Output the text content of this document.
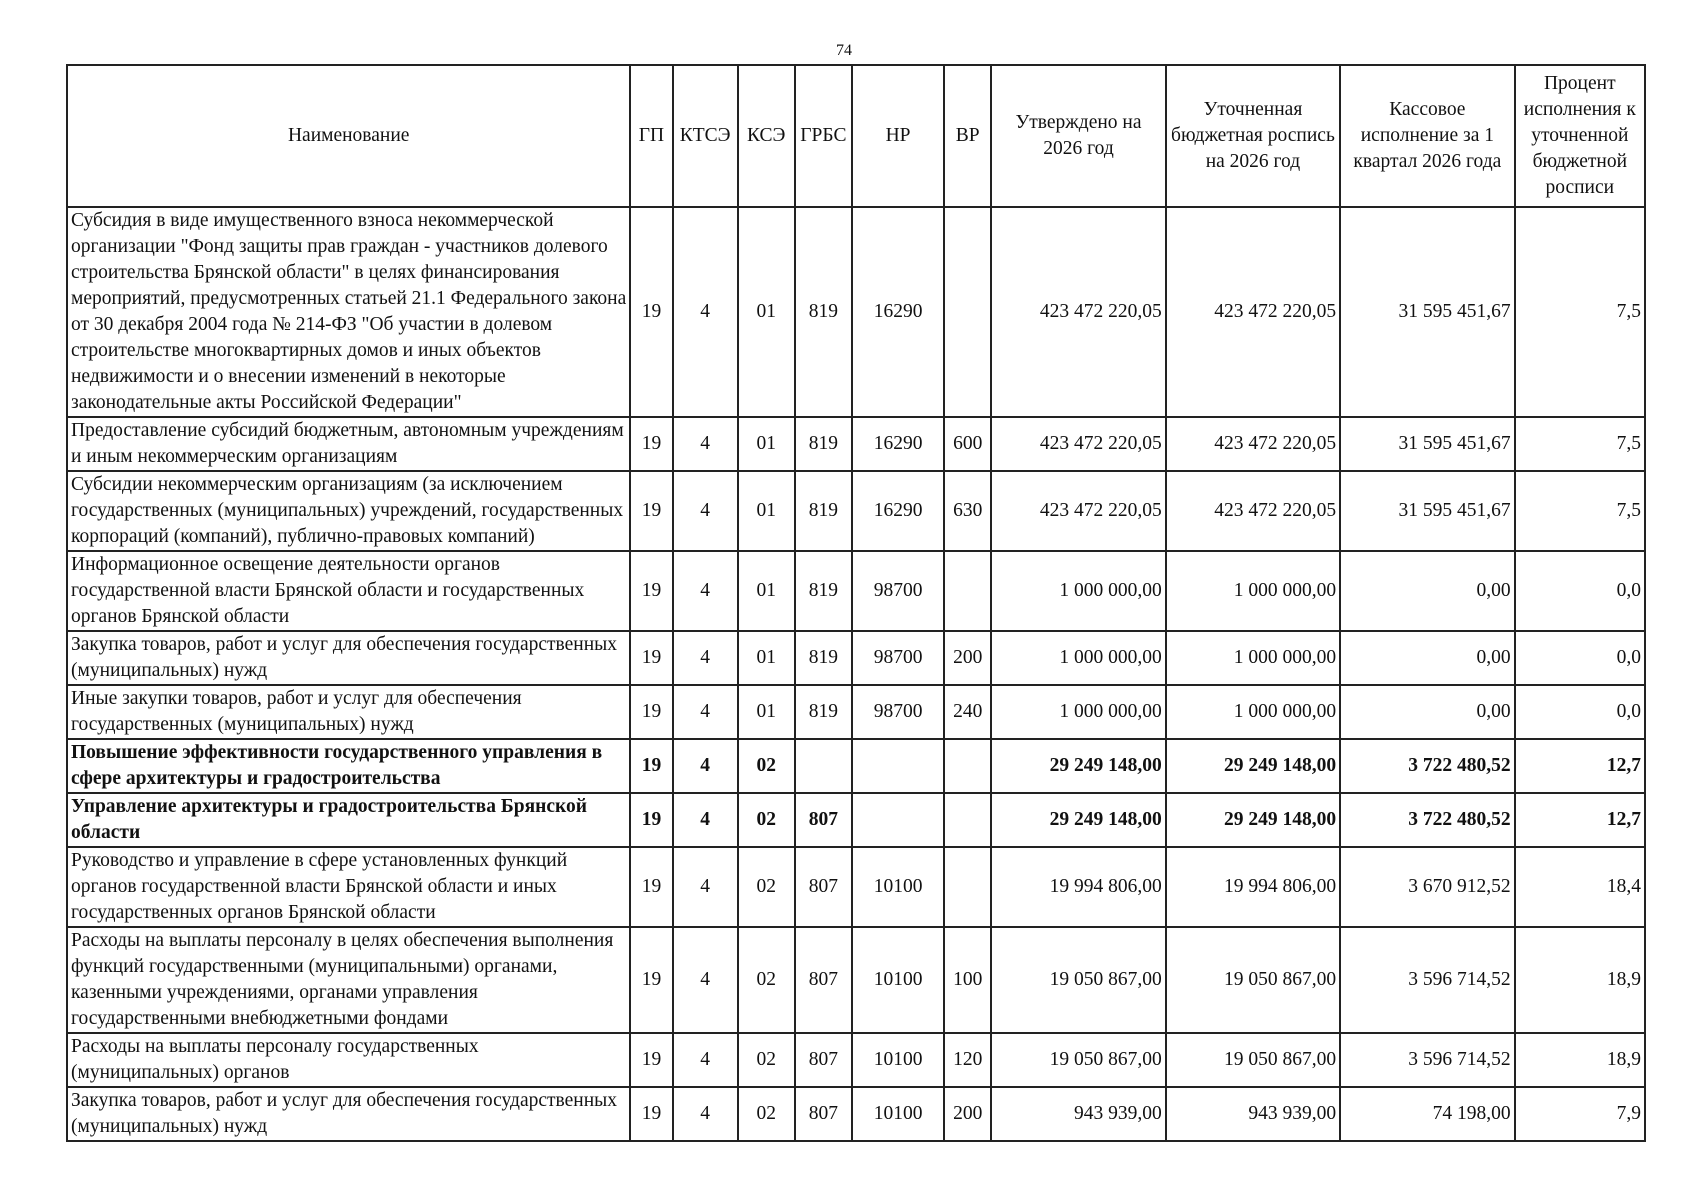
74
Наименование	ГП	КТСЭ	КСЭ	ГРБС	НР	ВР	Утверждено на 2026 год	Уточненная бюджетная роспись на 2026 год	Кассовое исполнение за 1 квартал 2026 года	Процент исполнения к уточненной бюджетной росписи
Субсидия в виде имущественного взноса некоммерческой организации "Фонд защиты прав граждан - участников долевого строительства Брянской области" в целях финансирования мероприятий, предусмотренных статьей 21.1 Федерального закона от 30 декабря 2004 года № 214-ФЗ "Об участии в долевом строительстве многоквартирных домов и иных объектов недвижимости и о внесении изменений в некоторые законодательные акты Российской Федерации"	19	4	01	819	16290		423 472 220,05	423 472 220,05	31 595 451,67	7,5
Предоставление субсидий бюджетным, автономным учреждениям и иным некоммерческим организациям	19	4	01	819	16290	600	423 472 220,05	423 472 220,05	31 595 451,67	7,5
Субсидии некоммерческим организациям (за исключением государственных (муниципальных) учреждений, государственных корпораций (компаний), публично-правовых компаний)	19	4	01	819	16290	630	423 472 220,05	423 472 220,05	31 595 451,67	7,5
Информационное освещение деятельности органов государственной власти Брянской области и государственных органов Брянской области	19	4	01	819	98700		1 000 000,00	1 000 000,00	0,00	0,0
Закупка товаров, работ и услуг для обеспечения государственных (муниципальных) нужд	19	4	01	819	98700	200	1 000 000,00	1 000 000,00	0,00	0,0
Иные закупки товаров, работ и услуг для обеспечения государственных (муниципальных) нужд	19	4	01	819	98700	240	1 000 000,00	1 000 000,00	0,00	0,0
Повышение эффективности государственного управления в сфере архитектуры и градостроительства	19	4	02				29 249 148,00	29 249 148,00	3 722 480,52	12,7
Управление архитектуры и градостроительства Брянской области	19	4	02	807			29 249 148,00	29 249 148,00	3 722 480,52	12,7
Руководство и управление в сфере установленных функций органов государственной власти Брянской области и иных государственных органов Брянской области	19	4	02	807	10100		19 994 806,00	19 994 806,00	3 670 912,52	18,4
Расходы на выплаты персоналу в целях обеспечения выполнения функций государственными (муниципальными) органами, казенными учреждениями, органами управления государственными внебюджетными фондами	19	4	02	807	10100	100	19 050 867,00	19 050 867,00	3 596 714,52	18,9
Расходы на выплаты персоналу государственных (муниципальных) органов	19	4	02	807	10100	120	19 050 867,00	19 050 867,00	3 596 714,52	18,9
Закупка товаров, работ и услуг для обеспечения государственных (муниципальных) нужд	19	4	02	807	10100	200	943 939,00	943 939,00	74 198,00	7,9
